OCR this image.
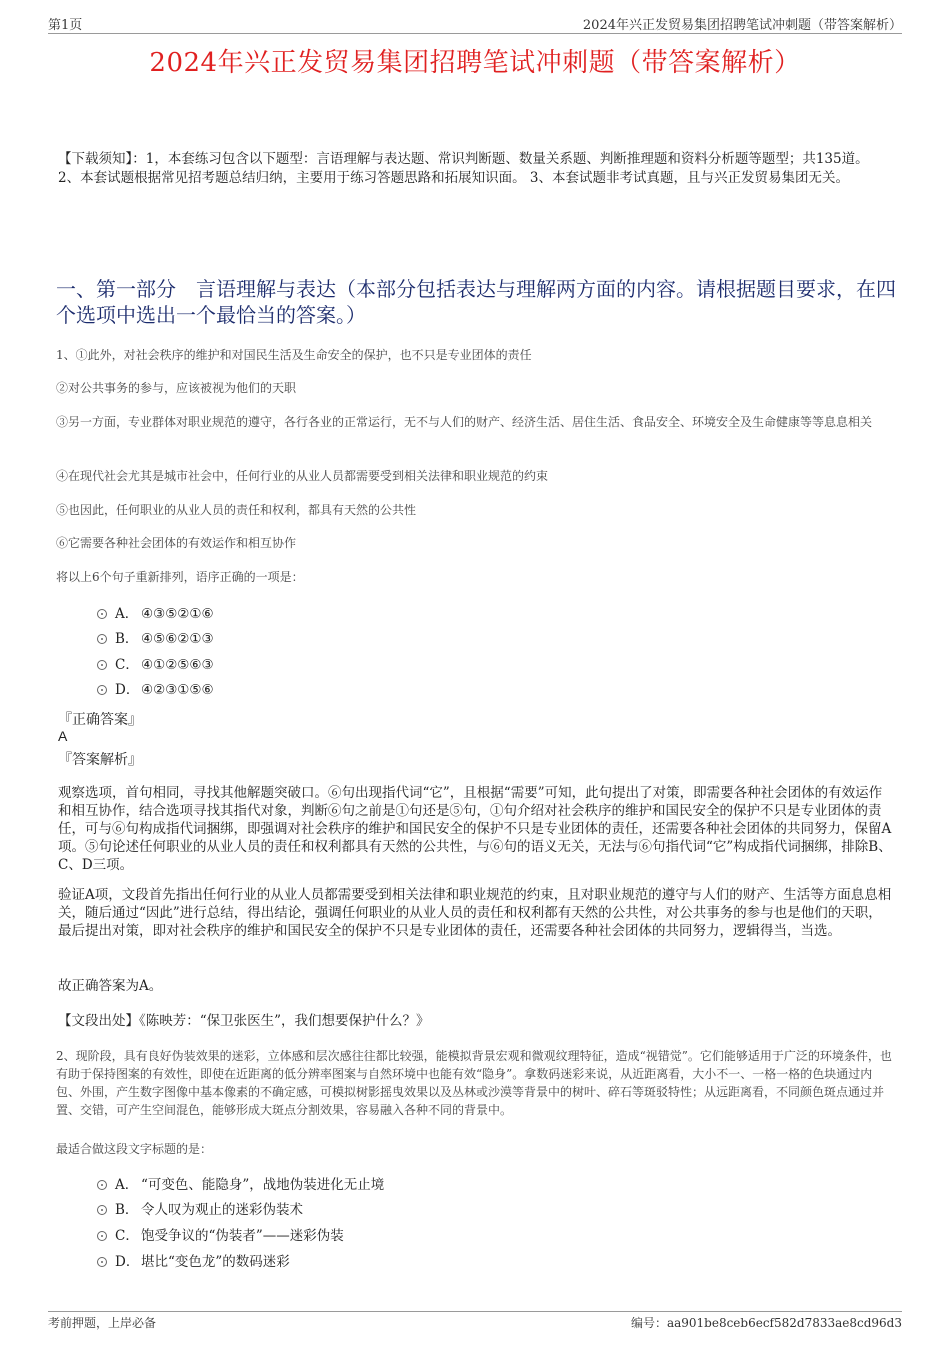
第1页	2024年兴正发贸易集团招聘笔试冲刺题（带答案解析）
2024年兴正发贸易集团招聘笔试冲刺题（带答案解析）
【下载须知】：1，本套练习包含以下题型：言语理解与表达题、常识判断题、数量关系题、判断推理题和资料分析题等题型；共135道。 2、本套试题根据常见招考题总结归纳，主要用于练习答题思路和拓展知识面。 3、本套试题非考试真题，且与兴正发贸易集团无关。
一、第一部分　言语理解与表达（本部分包括表达与理解两方面的内容。请根据题目要求，在四个选项中选出一个最恰当的答案。）
1、①此外，对社会秩序的维护和对国民生活及生命安全的保护，也不只是专业团体的责任
②对公共事务的参与，应该被视为他们的天职
③另一方面，专业群体对职业规范的遵守，各行各业的正常运行，无不与人们的财产、经济生活、居住生活、食品安全、环境安全及生命健康等等息息相关
④在现代社会尤其是城市社会中，任何行业的从业人员都需要受到相关法律和职业规范的约束
⑤也因此，任何职业的从业人员的责任和权利，都具有天然的公共性
⑥它需要各种社会团体的有效运作和相互协作
将以上6个句子重新排列，语序正确的一项是：
A． ④③⑤②①⑥
B． ④⑤⑥②①③
C． ④①②⑤⑥③
D． ④②③①⑤⑥
『正确答案』
A
『答案解析』
观察选项，首句相同，寻找其他解题突破口。⑥句出现指代词“它”，且根据“需要”可知，此句提出了对策，即需要各种社会团体的有效运作和相互协作，结合选项寻找其指代对象，判断⑥句之前是①句还是⑤句，①句介绍对社会秩序的维护和国民安全的保护不只是专业团体的责任，可与⑥句构成指代词捆绑，即强调对社会秩序的维护和国民安全的保护不只是专业团体的责任，还需要各种社会团体的共同努力，保留A项。⑤句论述任何职业的从业人员的责任和权利都具有天然的公共性，与⑥句的语义无关，无法与⑥句指代词“它”构成指代词捆绑，排除B、C、D三项。
验证A项，文段首先指出任何行业的从业人员都需要受到相关法律和职业规范的约束，且对职业规范的遵守与人们的财产、生活等方面息息相关，随后通过“因此”进行总结，得出结论，强调任何职业的从业人员的责任和权利都有天然的公共性，对公共事务的参与也是他们的天职，最后提出对策，即对社会秩序的维护和国民安全的保护不只是专业团体的责任，还需要各种社会团体的共同努力，逻辑得当，当选。
故正确答案为A。
【文段出处】《陈映芳：“保卫张医生”，我们想要保护什么？》
2、现阶段，具有良好伪装效果的迷彩，立体感和层次感往往都比较强，能模拟背景宏观和微观纹理特征，造成“视错觉”。它们能够适用于广泛的环境条件，也有助于保持图案的有效性，即使在近距离的低分辨率图案与自然环境中也能有效“隐身”。拿数码迷彩来说，从近距离看，大小不一、一格一格的色块通过内包、外围，产生数字图像中基本像素的不确定感，可模拟树影摇曳效果以及丛林或沙漠等背景中的树叶、碎石等斑驳特性；从远距离看，不同颜色斑点通过并置、交错，可产生空间混色，能够形成大斑点分割效果，容易融入各种不同的背景中。
最适合做这段文字标题的是：
A． “可变色、能隐身”，战地伪装进化无止境
B． 令人叹为观止的迷彩伪装术
C． 饱受争议的“伪装者”——迷彩伪装
D． 堪比“变色龙”的数码迷彩
考前押题，上岸必备	编号：aa901be8ceb6ecf582d7833ae8cd96d3
